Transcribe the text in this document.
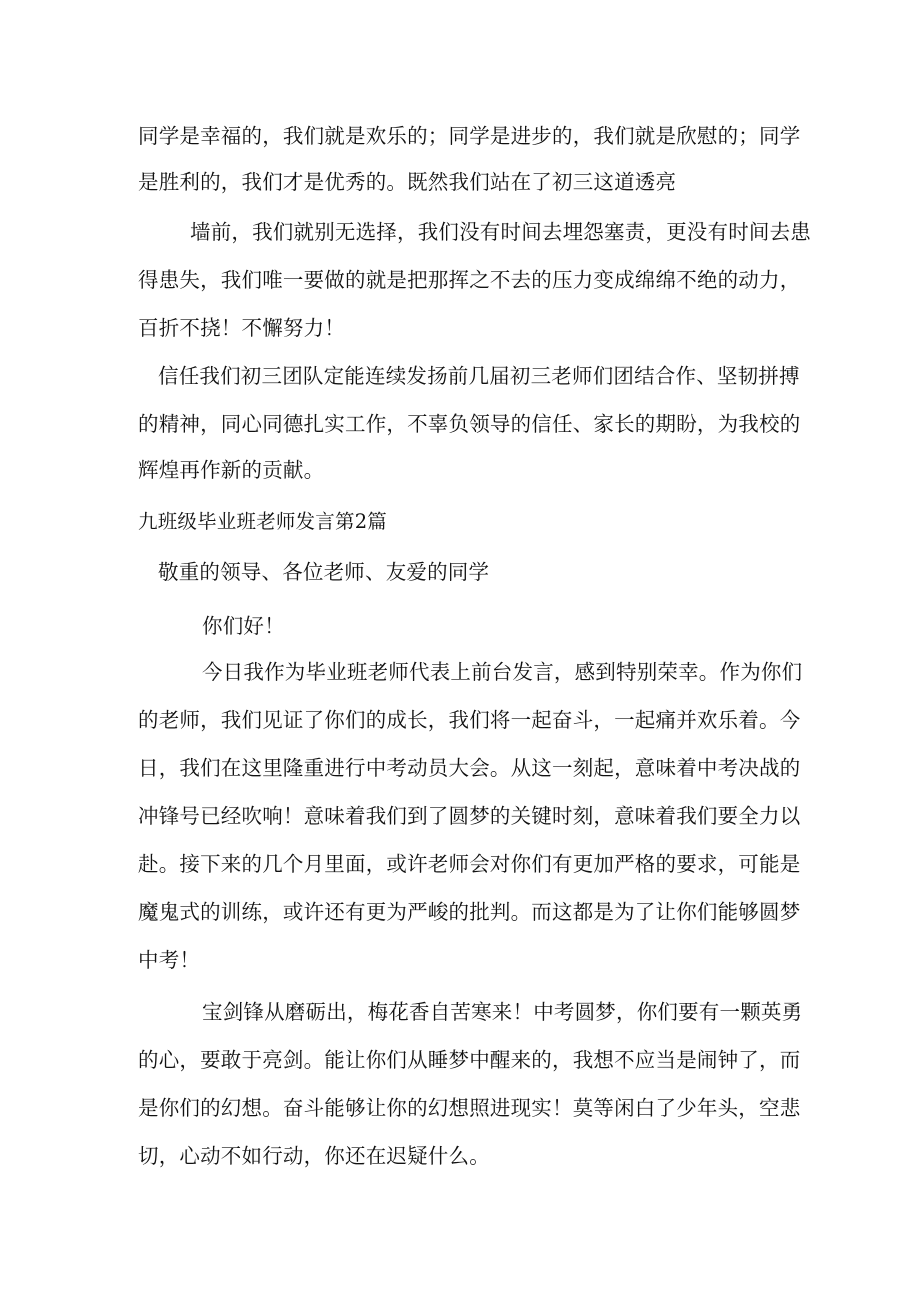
同学是幸福的，我们就是欢乐的；同学是进步的，我们就是欣慰的；同学
是胜利的，我们才是优秀的。既然我们站在了初三这道透亮
墙前，我们就别无选择，我们没有时间去埋怨塞责，更没有时间去患
得患失，我们唯一要做的就是把那挥之不去的压力变成绵绵不绝的动力，
百折不挠！不懈努力！
信任我们初三团队定能连续发扬前几届初三老师们团结合作、坚韧拼搏
的精神，同心同德扎实工作，不辜负领导的信任、家长的期盼，为我校的
辉煌再作新的贡献。
九班级毕业班老师发言第2篇
敬重的领导、各位老师、友爱的同学
你们好！
今日我作为毕业班老师代表上前台发言，感到特别荣幸。作为你们
的老师，我们见证了你们的成长，我们将一起奋斗，一起痛并欢乐着。今
日，我们在这里隆重进行中考动员大会。从这一刻起，意味着中考决战的
冲锋号已经吹响！意味着我们到了圆梦的关键时刻，意味着我们要全力以
赴。接下来的几个月里面，或许老师会对你们有更加严格的要求，可能是
魔鬼式的训练，或许还有更为严峻的批判。而这都是为了让你们能够圆梦
中考！
宝剑锋从磨砺出，梅花香自苦寒来！中考圆梦，你们要有一颗英勇
的心，要敢于亮剑。能让你们从睡梦中醒来的，我想不应当是闹钟了，而
是你们的幻想。奋斗能够让你的幻想照进现实！莫等闲白了少年头，空悲
切，心动不如行动，你还在迟疑什么。
